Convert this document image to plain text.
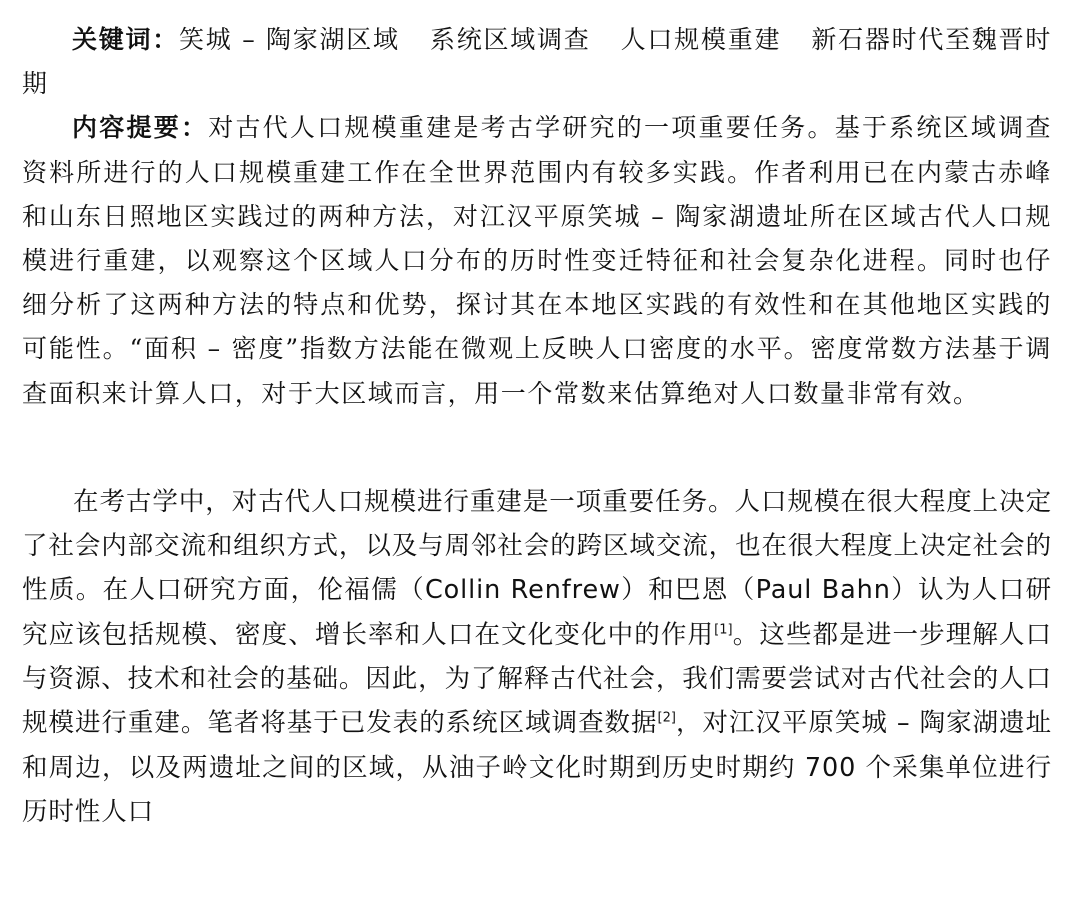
关键词：笑城 – 陶家湖区域 系统区域调查 人口规模重建 新石器时代至魏晋时期

内容提要：对古代人口规模重建是考古学研究的一项重要任务。基于系统区域调查资料所进行的人口规模重建工作在全世界范围内有较多实践。作者利用已在内蒙古赤峰和山东日照地区实践过的两种方法，对江汉平原笑城 – 陶家湖遗址所在区域古代人口规模进行重建，以观察这个区域人口分布的历时性变迁特征和社会复杂化进程。同时也仔细分析了这两种方法的特点和优势，探讨其在本地区实践的有效性和在其他地区实践的可能性。“面积 – 密度”指数方法能在微观上反映人口密度的水平。密度常数方法基于调查面积来计算人口，对于大区域而言，用一个常数来估算绝对人口数量非常有效。

在考古学中，对古代人口规模进行重建是一项重要任务。人口规模在很大程度上决定了社会内部交流和组织方式，以及与周邻社会的跨区域交流，也在很大程度上决定社会的性质。在人口研究方面，伦福儒（Collin Renfrew）和巴恩（Paul Bahn）认为人口研究应该包括规模、密度、增长率和人口在文化变化中的作用[1]。这些都是进一步理解人口与资源、技术和社会的基础。因此，为了解释古代社会，我们需要尝试对古代社会的人口规模进行重建。笔者将基于已发表的系统区域调查数据[2]，对江汉平原笑城 – 陶家湖遗址和周边，以及两遗址之间的区域，从油子岭文化时期到历史时期约 700 个采集单位进行历时性人口
